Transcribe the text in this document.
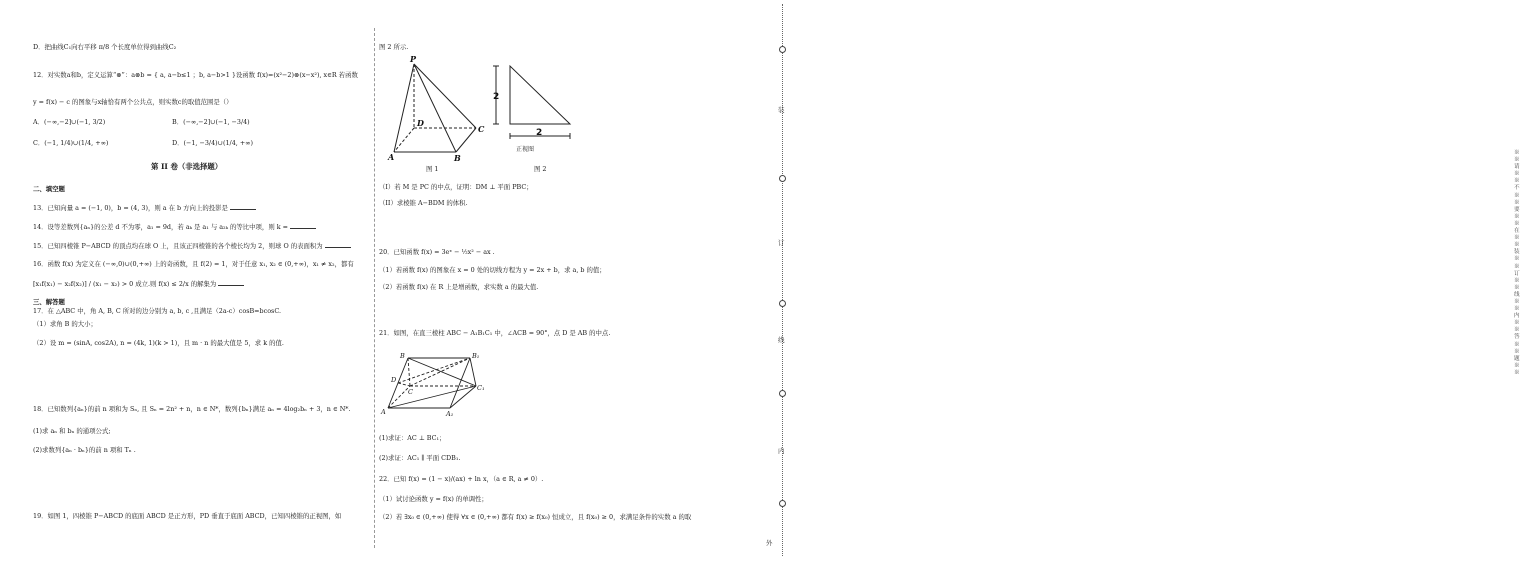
D．把曲线C₁向右平移 π/8 个长度单位得到曲线C₂
12．对实数a和b，定义运算“⊗”：a⊗b = { a, a−b≤1 ；b, a−b>1 }设函数 f(x)=(x²−2)⊗(x−x²), x∈R 若函数
y = f(x) − c 的图象与x轴恰有两个公共点，则实数c的取值范围是（）
A．(−∞,−2]∪(−1, 3/2)	B．(−∞,−2]∪(−1, −3/4)
C．(−1, 1/4)∪(1/4, +∞)	D．(−1, −3/4)∪(1/4, +∞)
第 II 卷（非选择题）
二、填空题
13．已知向量 a = (−1, 0)，b = (4, 3)，则 a 在 b 方向上的投影是
14．设等差数列{aₙ}的公差 d 不为零，a₁ = 9d，若 aₖ 是 a₁ 与 a₂ₖ 的等比中项，则 k =
15．已知四棱锥 P−ABCD 的顶点均在球 O 上，且该正四棱锥的各个棱长均为 2，则球 O 的表面积为
16．函数 f(x) 为定义在 (−∞,0)∪(0,+∞) 上的奇函数，且 f(2) = 1，对于任意 x₁, x₂ ∈ (0,+∞)，x₁ ≠ x₂，都有
[x₁f(x₁) − x₂f(x₂)] / (x₁ − x₂) > 0 成立.则 f(x) ≤ 2/x 的解集为
三、解答题
17．在 △ABC 中，角 A, B, C 所对的边分别为 a, b, c ,且满足（2a-c）cosB=bcosC.
（1）求角 B 的大小；
（2）设 m = (sinA, cos2A), n = (4k, 1)(k > 1)，且 m · n 的最大值是 5，求 k 的值.
18．已知数列{aₙ}的前 n 项和为 Sₙ, 且 Sₙ = 2n² + n，n ∈ N*，数列{bₙ}满足 aₙ = 4log₂bₙ + 3，n ∈ N*.
(1)求 aₙ 和 bₙ 的通项公式;
(2)求数列{aₙ · bₙ}的前 n 项和 Tₙ .
19．如图 1，四棱锥 P−ABCD 的底面 ABCD 是正方形，PD 垂直于底面 ABCD，已知四棱锥的正视图，如
图 2 所示.
P
A	B
C
D
图 1
2
2
正视图
图 2
（I）若 M 是 PC 的中点，证明：DM ⊥ 平面 PBC；
（II）求棱锥 A−BDM 的体积.
20．已知函数 f(x) = 3eˣ − ½x² − ax .
（1）若函数 f(x) 的图象在 x = 0 处的切线方程为 y = 2x + b，求 a, b 的值；
（2）若函数 f(x) 在 R 上是增函数，求实数 a 的最大值.
21．如图，在直三棱柱 ABC − A₁B₁C₁ 中，∠ACB = 90°，点 D 是 AB 的中点.
B	B₁
C	C₁
A	A₁
D
(1)求证：AC ⊥ BC₁；
(2)求证：AC₁ ∥ 平面 CDB₁.
22．已知 f(x) = (1 − x)/(ax) + ln x，（a ∈ R, a ≠ 0）.
（1）试讨论函数 y = f(x) 的单调性；
（2）若 ∃x₀ ∈ (0,+∞) 使得 ∀x ∈ (0,+∞) 都有 f(x) ≥ f(x₀) 恒成立，且 f(x₀) ≥ 0，求满足条件的实数 a 的取
※※请※※不※※要※※在※※装※※订※※线※※内※※答※※题※※
装
订
线
内
外
